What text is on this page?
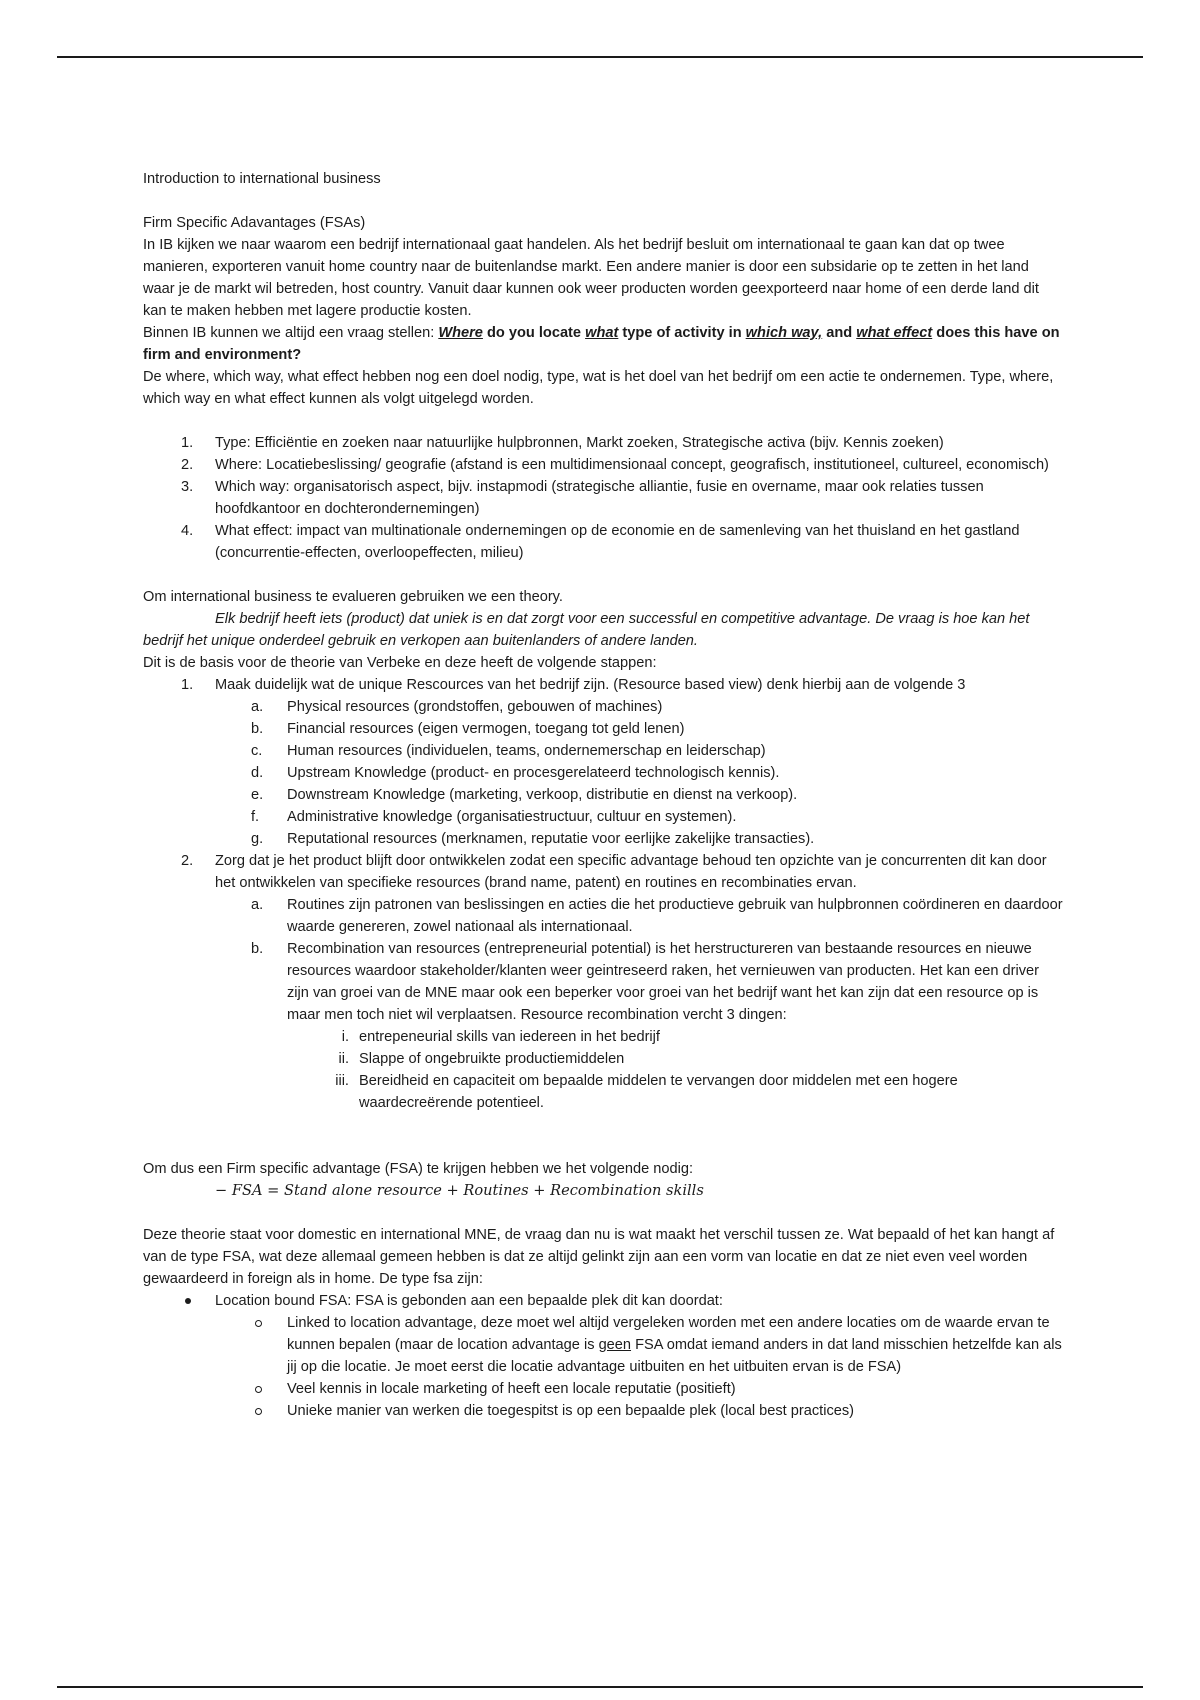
Introduction to international business

Firm Specific Adavantages (FSAs)

In IB kijken we naar waarom een bedrijf internationaal gaat handelen. Als het bedrijf besluit om internationaal te gaan kan dat op twee manieren, exporteren vanuit home country naar de buitenlandse markt. Een andere manier is door een subsidarie op te zetten in het land waar je de markt wil betreden, host country. Vanuit daar kunnen ook weer producten worden geexporteerd naar home of een derde land dit kan te maken hebben met lagere productie kosten.

Binnen IB kunnen we altijd een vraag stellen: Where do you locate what type of activity in which way, and what effect does this have on firm and environment?

De where, which way, what effect hebben nog een doel nodig, type, wat is het doel van het bedrijf om een actie te ondernemen. Type, where, which way en what effect kunnen als volgt uitgelegd worden.

1. Type: Efficiëntie en zoeken naar natuurlijke hulpbronnen, Markt zoeken, Strategische activa (bijv. Kennis zoeken)
2. Where: Locatiebeslissing/ geografie (afstand is een multidimensionaal concept, geografisch, institutioneel, cultureel, economisch)
3. Which way: organisatorisch aspect, bijv. instapmodi (strategische alliantie, fusie en overname, maar ook relaties tussen hoofdkantoor en dochterondernemingen)
4. What effect: impact van multinationale ondernemingen op de economie en de samenleving van het thuisland en het gastland (concurrentie-effecten, overloopeffecten, milieu)

Om international business te evalueren gebruiken we een theory.

Elk bedrijf heeft iets (product) dat uniek is en dat zorgt voor een successful en competitive advantage. De vraag is hoe kan het bedrijf het unique onderdeel gebruik en verkopen aan buitenlanders of andere landen.

Dit is de basis voor de theorie van Verbeke en deze heeft de volgende stappen:

1. Maak duidelijk wat de unique Rescources van het bedrijf zijn. (Resource based view) denk hierbij aan de volgende 3
a. Physical resources (grondstoffen, gebouwen of machines)
b. Financial resources (eigen vermogen, toegang tot geld lenen)
c. Human resources (individuelen, teams, ondernemerschap en leiderschap)
d. Upstream Knowledge (product- en procesgerelateerd technologisch kennis).
e. Downstream Knowledge (marketing, verkoop, distributie en dienst na verkoop).
f. Administrative knowledge (organisatiestructuur, cultuur en systemen).
g. Reputational resources (merknamen, reputatie voor eerlijke zakelijke transacties).
2. Zorg dat je het product blijft door ontwikkelen zodat een specific advantage behoud ten opzichte van je concurrenten dit kan door het ontwikkelen van specifieke resources (brand name, patent) en routines en recombinaties ervan.
a. Routines zijn patronen van beslissingen en acties die het productieve gebruik van hulpbronnen coördineren en daardoor waarde genereren, zowel nationaal als internationaal.
b. Recombination van resources (entrepreneurial potential) is het herstructureren van bestaande resources en nieuwe resources waardoor stakeholder/klanten weer geintreseerd raken, het vernieuwen van producten. Het kan een driver zijn van groei van de MNE maar ook een beperker voor groei van het bedrijf want het kan zijn dat een resource op is maar men toch niet wil verplaatsen. Resource recombination vercht 3 dingen:
i. entrepeneurial skills van iedereen in het bedrijf
ii. Slappe of ongebruikte productiemiddelen
iii. Bereidheid en capaciteit om bepaalde middelen te vervangen door middelen met een hogere waardecreërende potentieel.

Om dus een Firm specific advantage (FSA) te krijgen hebben we het volgende nodig:

− FSA = Stand alone resource + Routines + Recombination skills

Deze theorie staat voor domestic en international MNE, de vraag dan nu is wat maakt het verschil tussen ze. Wat bepaald of het kan hangt af van de type FSA, wat deze allemaal gemeen hebben is dat ze altijd gelinkt zijn aan een vorm van locatie en dat ze niet even veel worden gewaardeerd in foreign als in home. De type fsa zijn:

Location bound FSA: FSA is gebonden aan een bepaalde plek dit kan doordat:
Linked to location advantage, deze moet wel altijd vergeleken worden met een andere locaties om de waarde ervan te kunnen bepalen (maar de location advantage is geen FSA omdat iemand anders in dat land misschien hetzelfde kan als jij op die locatie. Je moet eerst die locatie advantage uitbuiten en het uitbuiten ervan is de FSA)
Veel kennis in locale marketing of heeft een locale reputatie (positieft)
Unieke manier van werken die toegespitst is op een bepaalde plek (local best practices)
